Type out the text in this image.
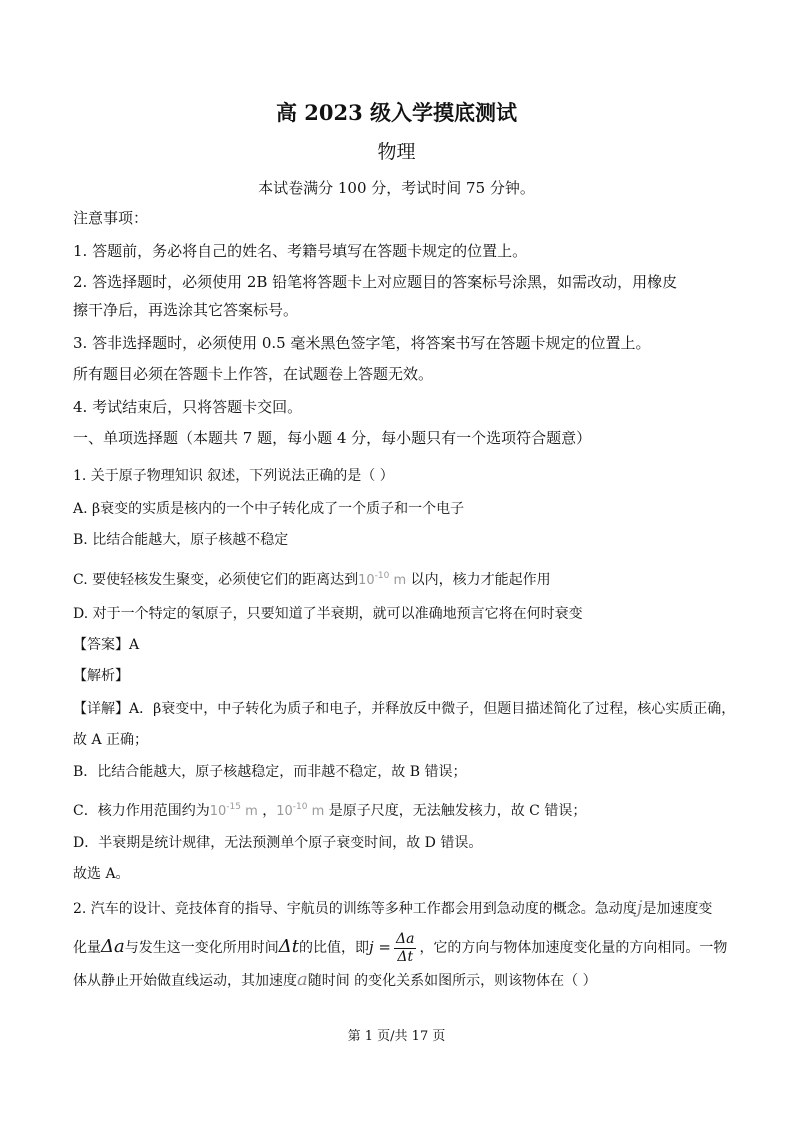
高 2023 级入学摸底测试
物理
本试卷满分 100 分，考试时间 75 分钟。
注意事项：
1. 答题前，务必将自己的姓名、考籍号填写在答题卡规定的位置上。
2. 答选择题时，必须使用 2B 铅笔将答题卡上对应题目的答案标号涂黑，如需改动，用橡皮
擦干净后，再选涂其它答案标号。
3. 答非选择题时，必须使用 0.5 毫米黑色签字笔，将答案书写在答题卡规定的位置上。
所有题目必须在答题卡上作答，在试题卷上答题无效。
4. 考试结束后，只将答题卡交回。
一、单项选择题（本题共 7 题，每小题 4 分，每小题只有一个选项符合题意）
1. 关于原子物理知识 叙述，下列说法正确的是（ ）
A. β衰变的实质是核内的一个中子转化成了一个质子和一个电子
B. 比结合能越大，原子核越不稳定
C. 要使轻核发生聚变，必须使它们的距离达到$10^{-10}$ m 以内，核力才能起作用
D. 对于一个特定的氡原子，只要知道了半衰期，就可以准确地预言它将在何时衰变
【答案】A
【解析】
【详解】A．β衰变中，中子转化为质子和电子，并释放反中微子，但题目描述简化了过程，核心实质正确，
故 A 正确；
B．比结合能越大，原子核越稳定，而非越不稳定，故 B 错误；
C．核力作用范围约为$10^{-15}$ m ，$10^{-10}$ m 是原子尺度，无法触发核力，故 C 错误；
D．半衰期是统计规律，无法预测单个原子衰变时间，故 D 错误。
故选 A。
2. 汽车的设计、竞技体育的指导、宇航员的训练等多种工作都会用到急动度的概念。急动度j是加速度变
化量Δa与发生这一变化所用时间Δt的比值，即$j = \frac{\Delta a}{\Delta t}$ ，它的方向与物体加速度变化量的方向相同。一物
体从静止开始做直线运动，其加速度a随时间 的变化关系如图所示，则该物体在（ ）
第 1 页/共 17 页
